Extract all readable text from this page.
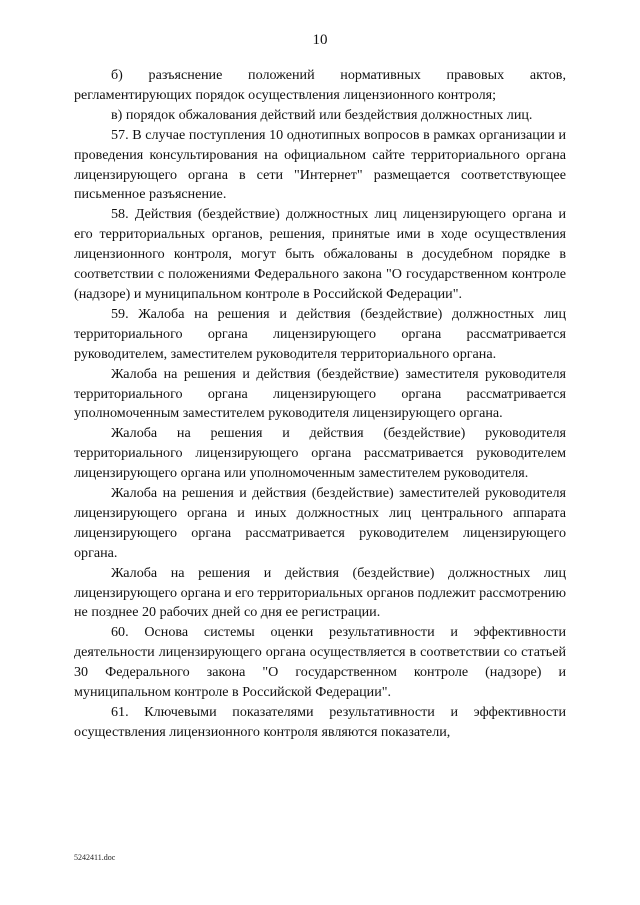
10

б) разъяснение положений нормативных правовых актов, регламентирующих порядок осуществления лицензионного контроля;

в) порядок обжалования действий или бездействия должностных лиц.

57. В случае поступления 10 однотипных вопросов в рамках организации и проведения консультирования на официальном сайте территориального органа лицензирующего органа в сети "Интернет" размещается соответствующее письменное разъяснение.

58. Действия (бездействие) должностных лиц лицензирующего органа и его территориальных органов, решения, принятые ими в ходе осуществления лицензионного контроля, могут быть обжалованы в досудебном порядке в соответствии с положениями Федерального закона "О государственном контроле (надзоре) и муниципальном контроле в Российской Федерации".

59. Жалоба на решения и действия (бездействие) должностных лиц территориального органа лицензирующего органа рассматривается руководителем, заместителем руководителя территориального органа.

Жалоба на решения и действия (бездействие) заместителя руководителя территориального органа лицензирующего органа рассматривается уполномоченным заместителем руководителя лицензирующего органа.

Жалоба на решения и действия (бездействие) руководителя территориального лицензирующего органа рассматривается руководителем лицензирующего органа или уполномоченным заместителем руководителя.

Жалоба на решения и действия (бездействие) заместителей руководителя лицензирующего органа и иных должностных лиц центрального аппарата лицензирующего органа рассматривается руководителем лицензирующего органа.

Жалоба на решения и действия (бездействие) должностных лиц лицензирующего органа и его территориальных органов подлежит рассмотрению не позднее 20 рабочих дней со дня ее регистрации.

60. Основа системы оценки результативности и эффективности деятельности лицензирующего органа осуществляется в соответствии со статьей 30 Федерального закона "О государственном контроле (надзоре) и муниципальном контроле в Российской Федерации".

61. Ключевыми показателями результативности и эффективности осуществления лицензионного контроля являются показатели,

5242411.doc
